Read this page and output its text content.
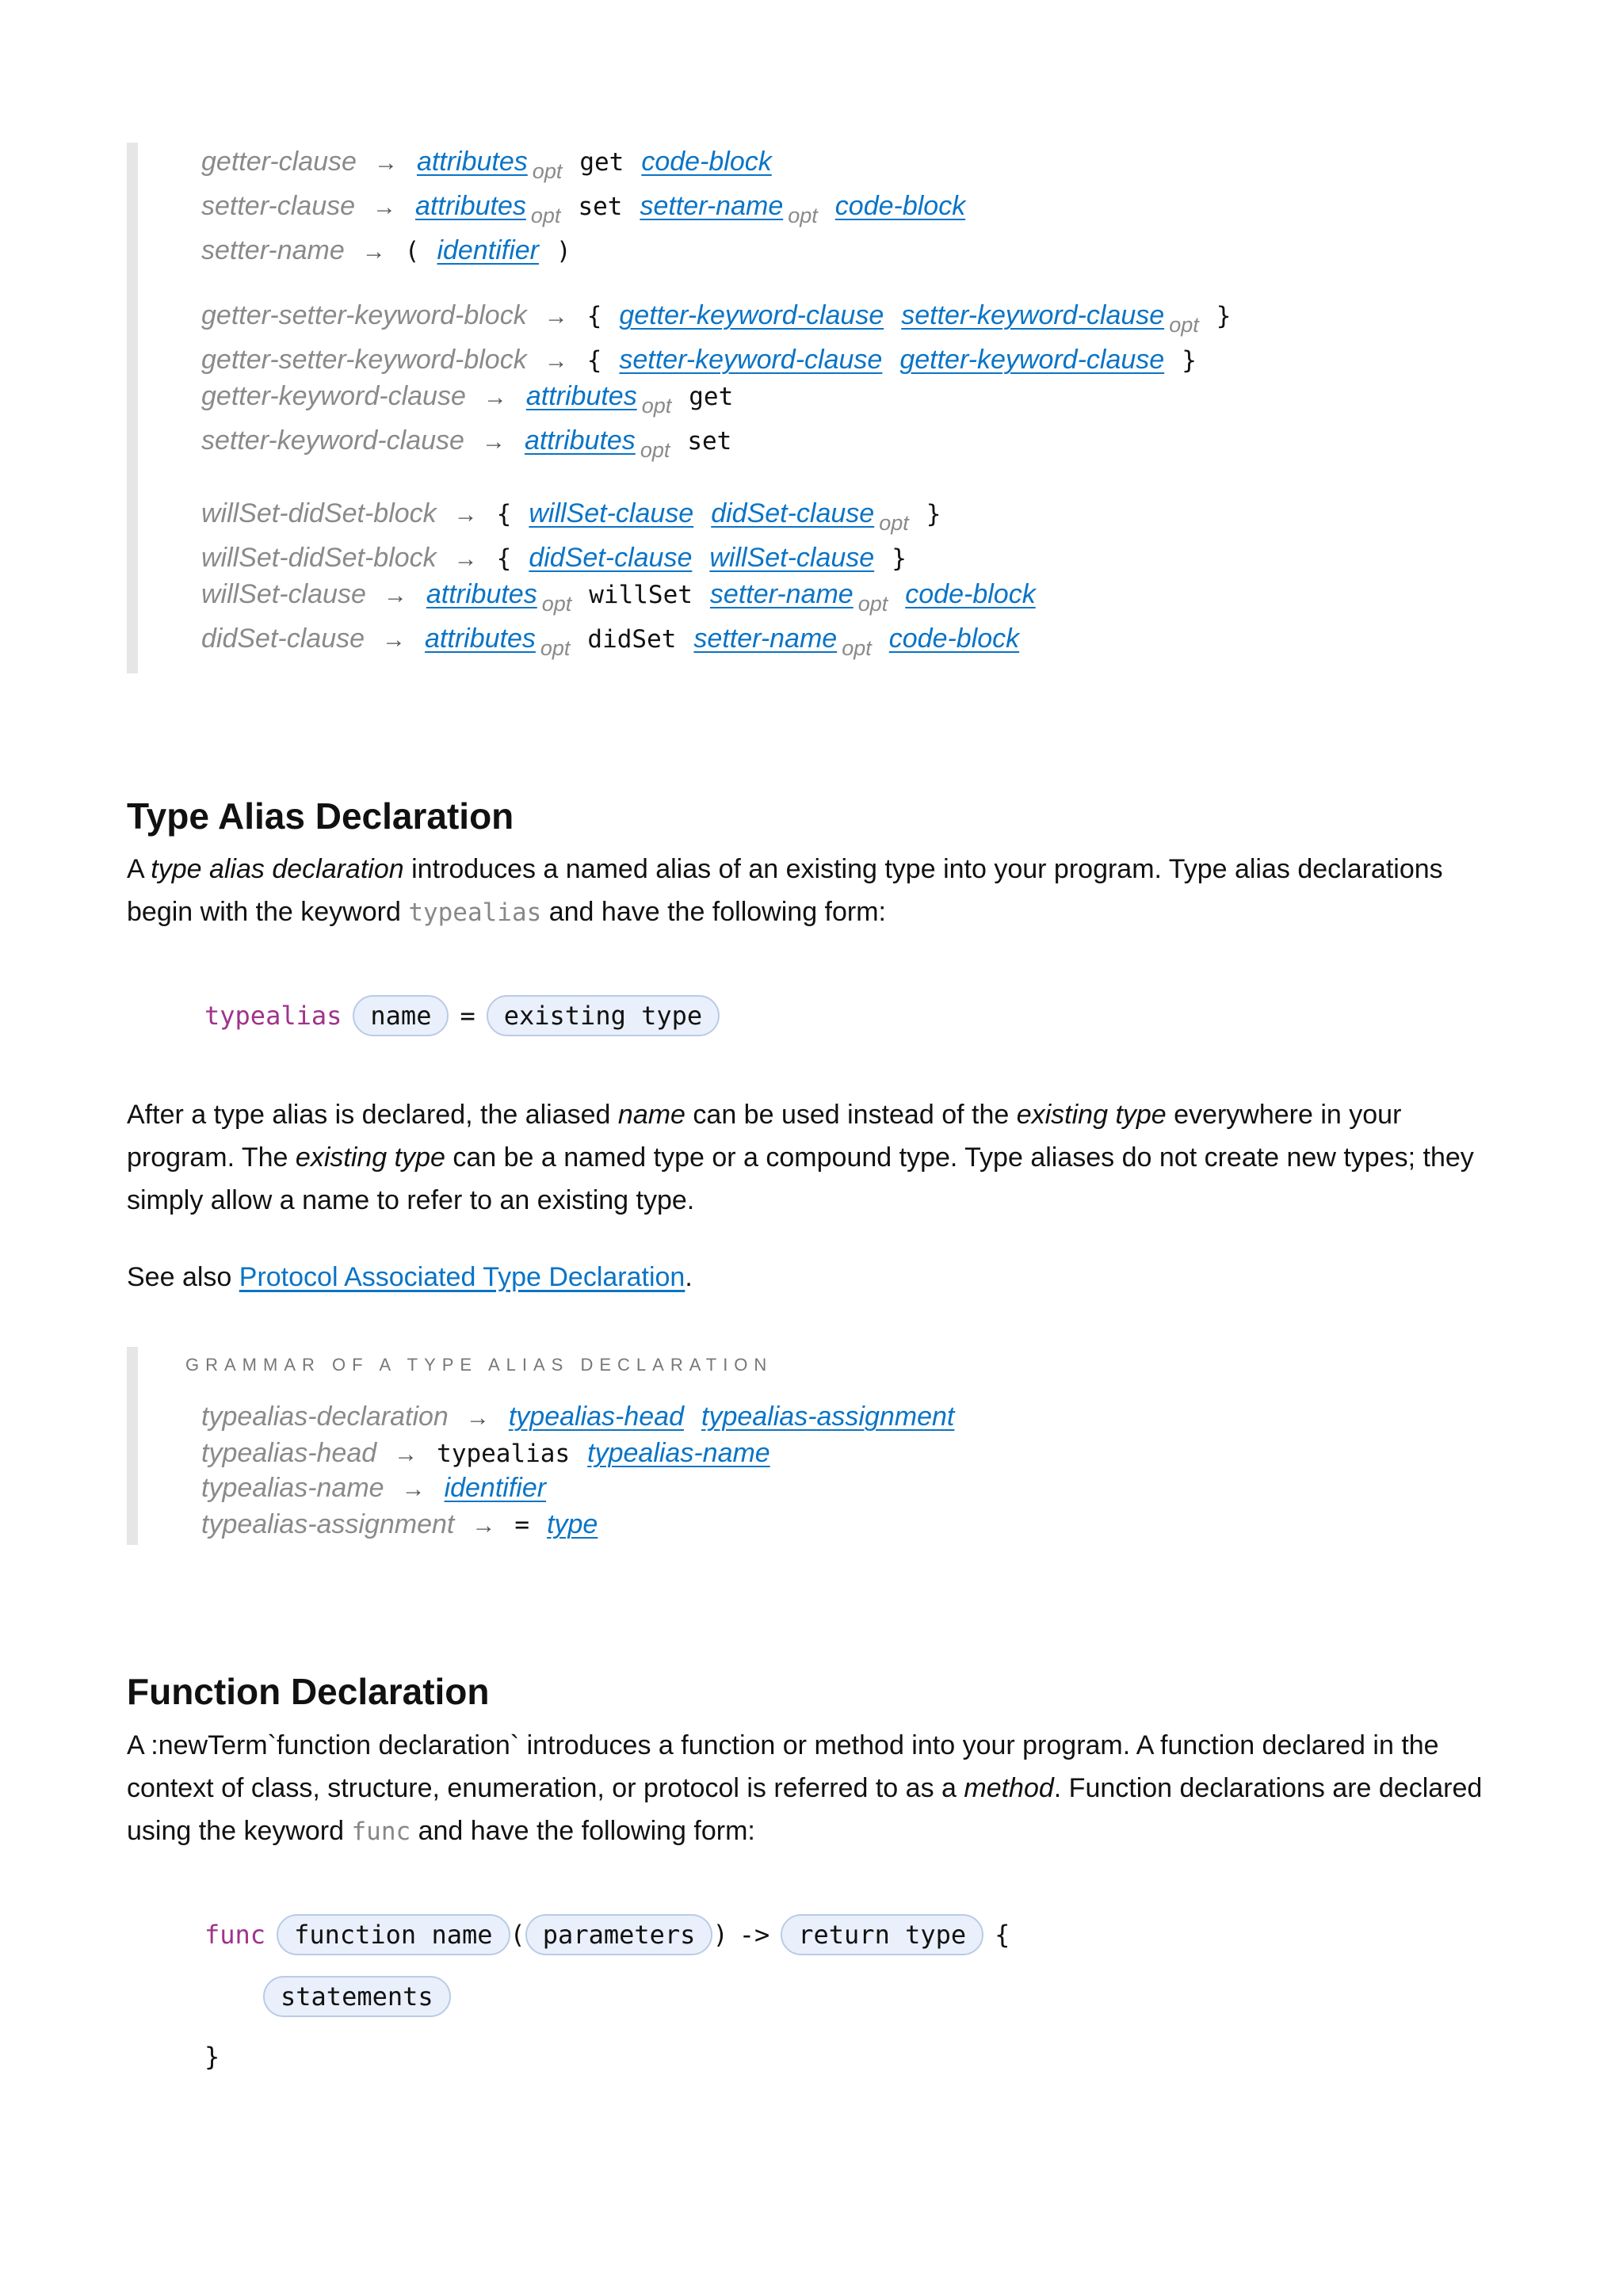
getter-clause → attributes $_{opt}$ get code-block
setter-clause → attributes $_{opt}$ set setter-name $_{opt}$ code-block
setter-name → ( identifier )
getter-setter-keyword-block → { getter-keyword-clause setter-keyword-clause $_{opt}$ }
getter-setter-keyword-block → { setter-keyword-clause getter-keyword-clause }
getter-keyword-clause → attributes $_{opt}$ get
setter-keyword-clause → attributes $_{opt}$ set
willSet-didSet-block → { willSet-clause didSet-clause $_{opt}$ }
willSet-didSet-block → { didSet-clause willSet-clause }
willSet-clause → attributes $_{opt}$ willSet setter-name $_{opt}$ code-block
didSet-clause → attributes $_{opt}$ didSet setter-name $_{opt}$ code-block
Type Alias Declaration

A type alias declaration introduces a named alias of an existing type into your program. Type alias declarations begin with the keyword typealias and have the following form:

typealias name = existing type

After a type alias is declared, the aliased name can be used instead of the existing type everywhere in your program. The existing type can be a named type or a compound type. Type aliases do not create new types; they simply allow a name to refer to an existing type.

See also Protocol Associated Type Declaration.

GRAMMAR OF A TYPE ALIAS DECLARATION
typealias-declaration → typealias-head typealias-assignment
typealias-head → typealias typealias-name
typealias-name → identifier
typealias-assignment → = type
Function Declaration

A :newTerm`function declaration` introduces a function or method into your program. A function declared in the context of class, structure, enumeration, or protocol is referred to as a method. Function declarations are declared using the keyword func and have the following form:

func function name ( parameters ) -> return type {
statements
}
